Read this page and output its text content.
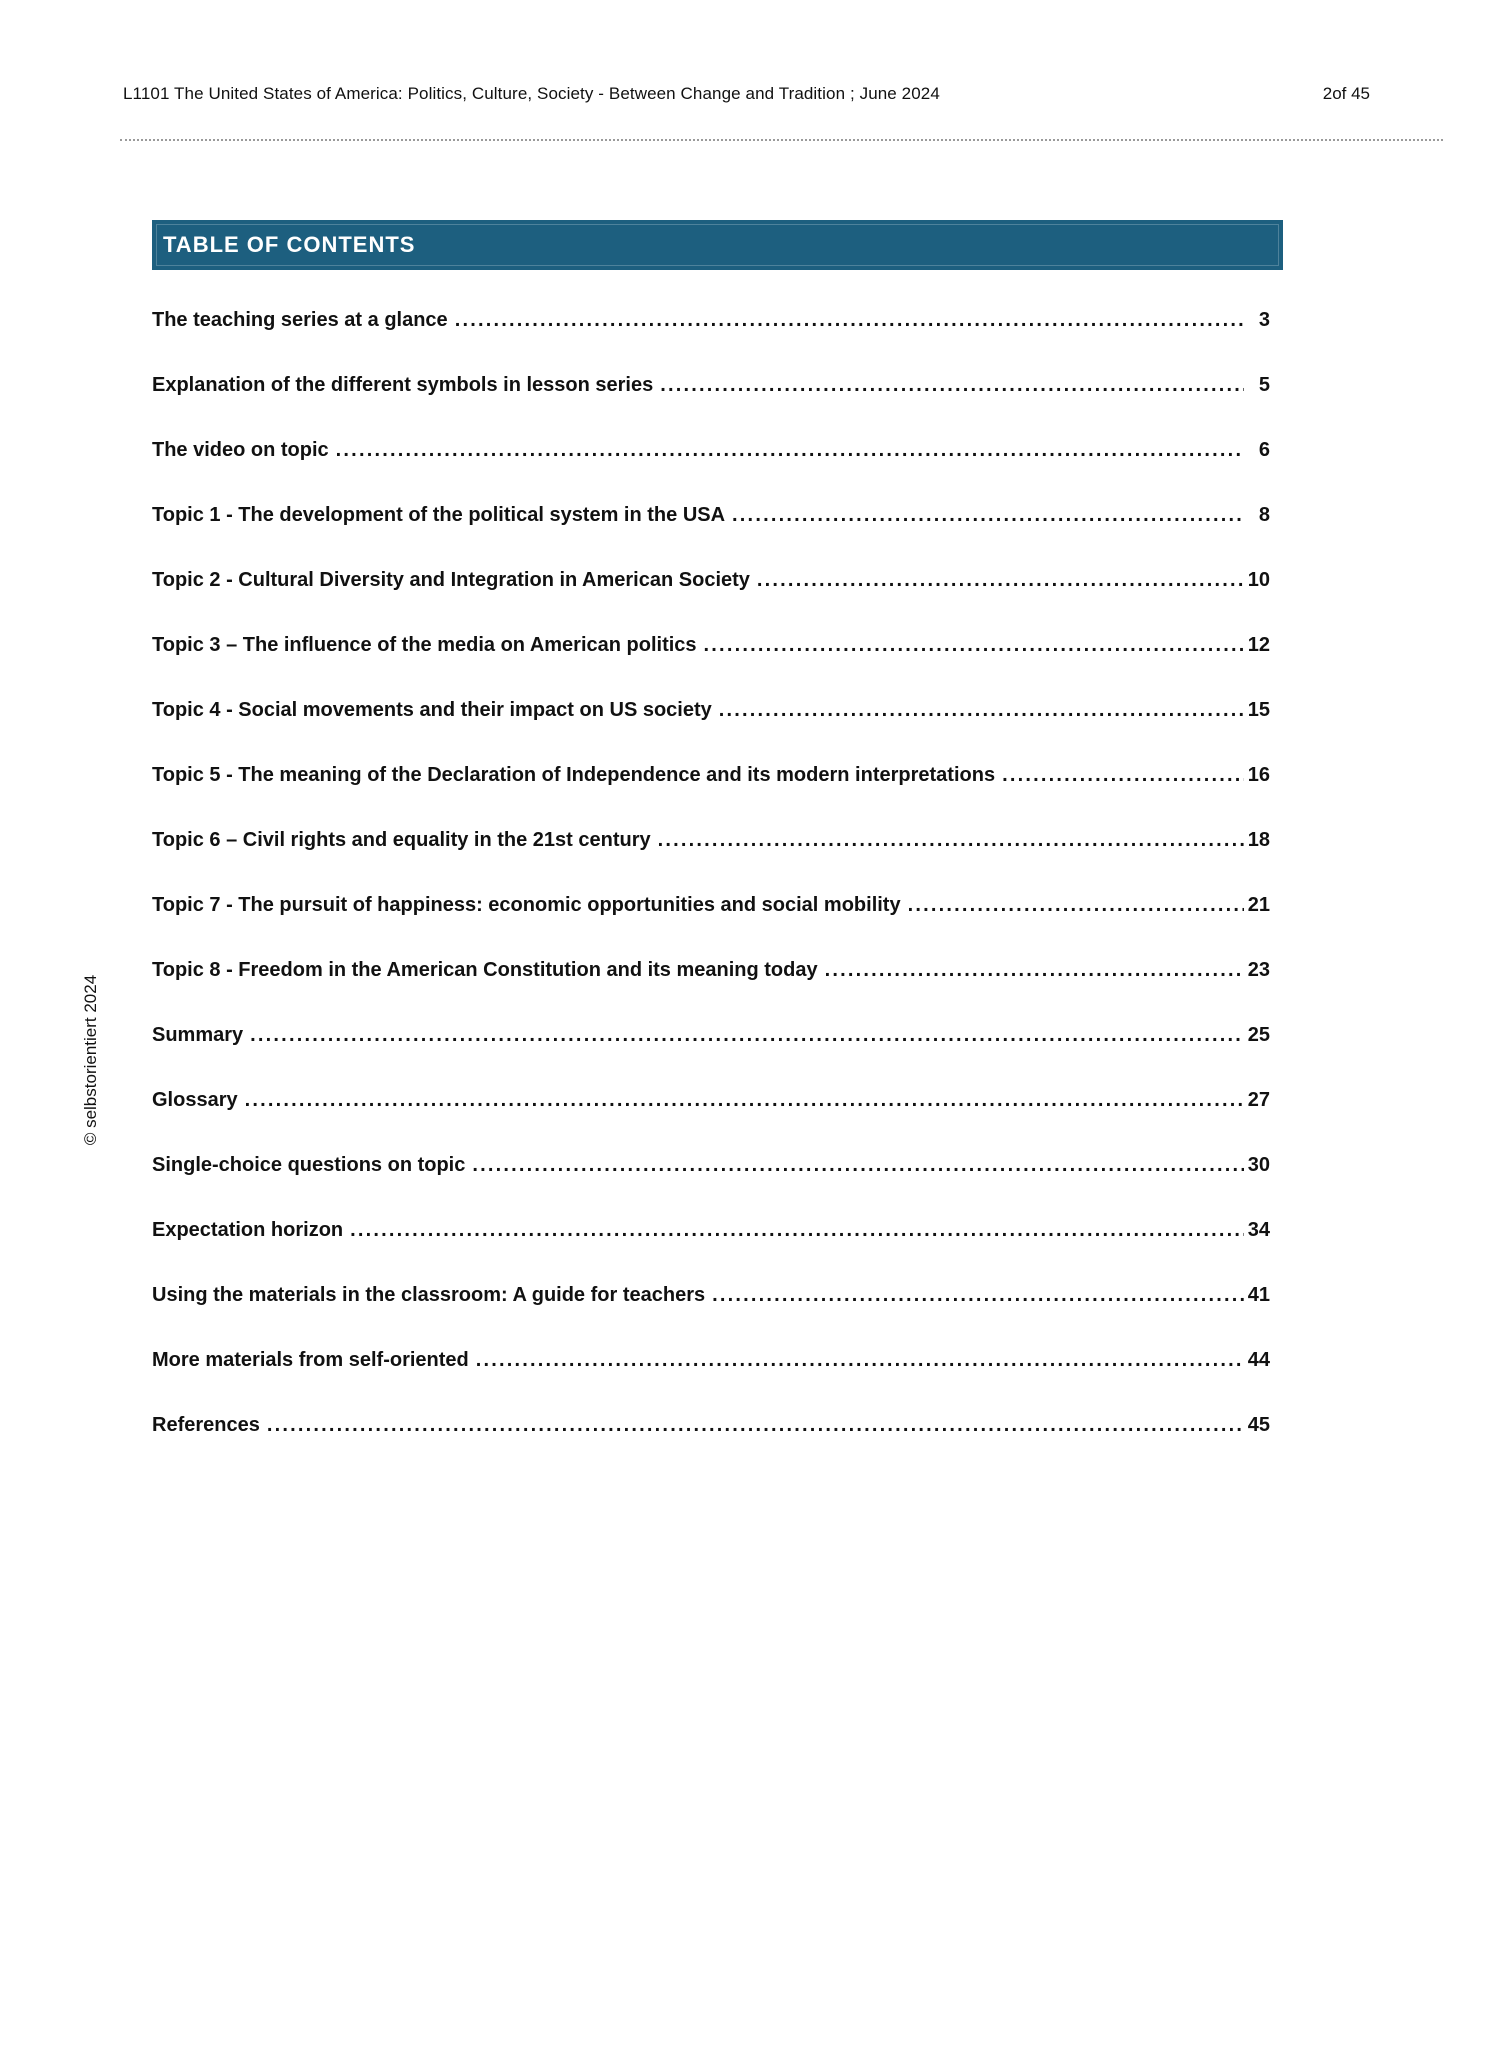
L1101 The United States of America: Politics, Culture, Society - Between Change and Tradition ; June 2024	2of 45
© selbstorientiert 2024
TABLE OF CONTENTS
The teaching series at a glance .....	3
Explanation of the different symbols in lesson series .....	5
The video on topic .....	6
Topic 1 - The development of the political system in the USA .....	8
Topic 2 - Cultural Diversity and Integration in American Society .....	10
Topic 3 – The influence of the media on American politics .....	12
Topic 4 - Social movements and their impact on US society .....	15
Topic 5 - The meaning of the Declaration of Independence and its modern interpretations .....	16
Topic 6 – Civil rights and equality in the 21st century .....	18
Topic 7 - The pursuit of happiness: economic opportunities and social mobility .....	21
Topic 8 - Freedom in the American Constitution and its meaning today .....	23
Summary .....	25
Glossary .....	27
Single-choice questions on topic .....	30
Expectation horizon .....	34
Using the materials in the classroom: A guide for teachers .....	41
More materials from self-oriented .....	44
References .....	45
